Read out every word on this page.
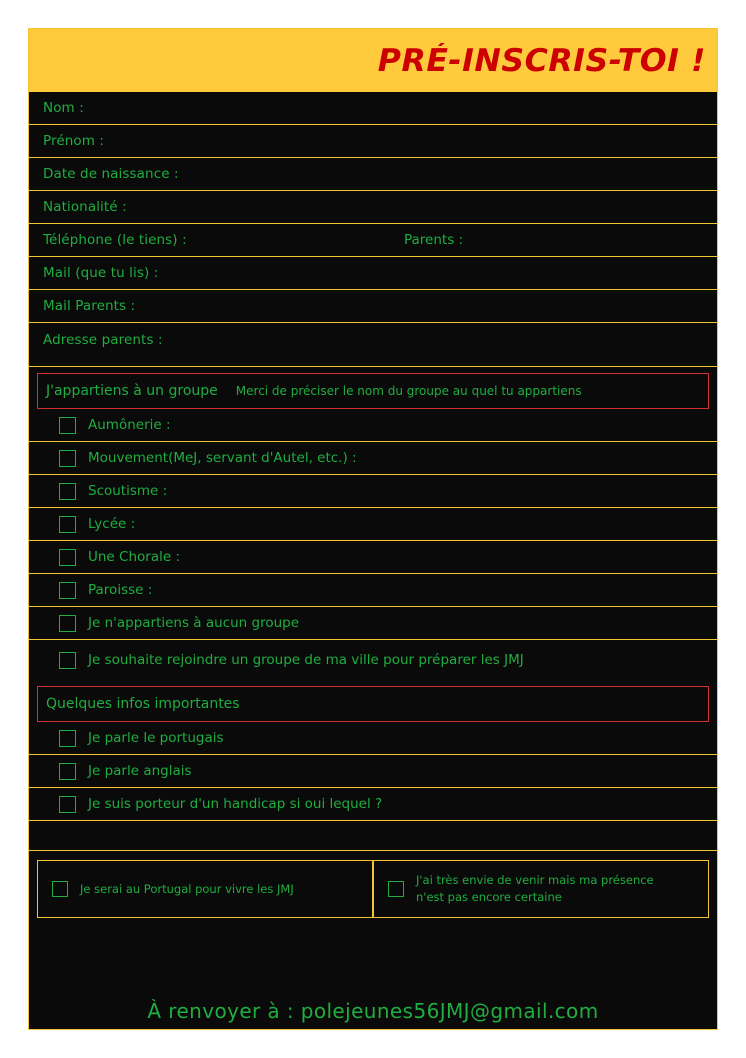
PRÉ-INSCRIS-TOI !
Nom :
Prénom :
Date de naissance :
Nationalité :
Téléphone (le tiens) :	Parents :
Mail (que tu lis) :
Mail Parents :
Adresse parents :
J'appartiens à un groupe	Merci de préciser le nom du groupe au quel tu appartiens
Aumônerie :
Mouvement (MeJ, servant d'Autel, etc.) :
Scoutisme :
Lycée :
Une Chorale :
Paroisse :
Je n'appartiens à aucun groupe
Je souhaite rejoindre un groupe de ma ville pour préparer les JMJ
Quelques infos importantes
Je parle le portugais
Je parle anglais
Je suis porteur d'un handicap si oui lequel ?
Je serai au Portugal pour vivre les JMJ
J'ai très envie de venir mais ma présence n'est pas encore certaine
À renvoyer à : polejeunes56JMJ@gmail.com
